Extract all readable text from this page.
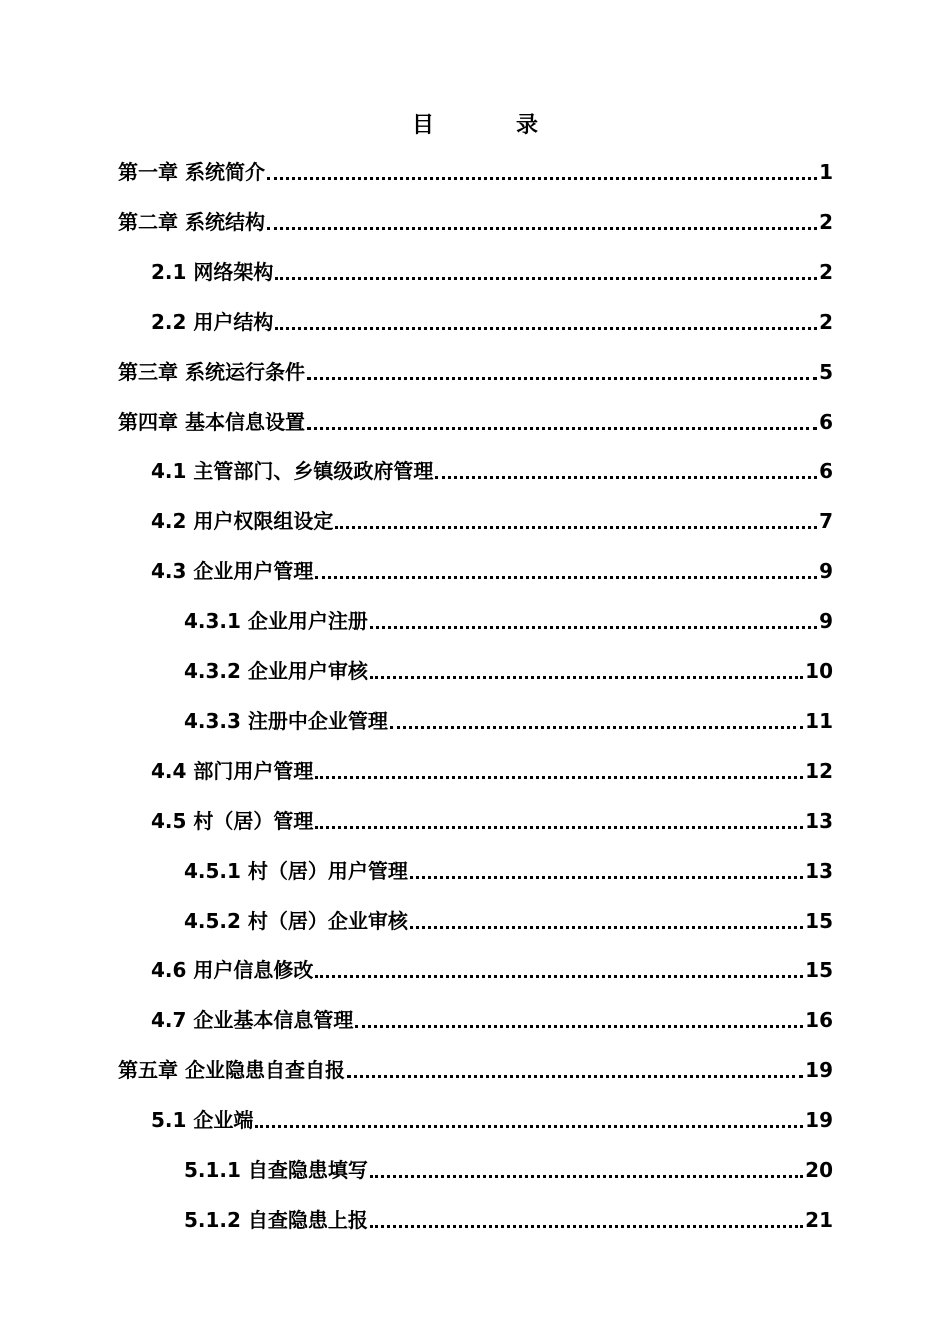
目　录
第一章 系统简介	1
第二章 系统结构	2
2.1 网络架构	2
2.2 用户结构	2
第三章 系统运行条件	5
第四章 基本信息设置	6
4.1 主管部门、乡镇级政府管理	6
4.2 用户权限组设定	7
4.3 企业用户管理	9
4.3.1 企业用户注册	9
4.3.2 企业用户审核	10
4.3.3 注册中企业管理	11
4.4 部门用户管理	12
4.5 村（居）管理	13
4.5.1 村（居）用户管理	13
4.5.2 村（居）企业审核	15
4.6 用户信息修改	15
4.7 企业基本信息管理	16
第五章 企业隐患自查自报	19
5.1 企业端	19
5.1.1 自查隐患填写	20
5.1.2 自查隐患上报	21
